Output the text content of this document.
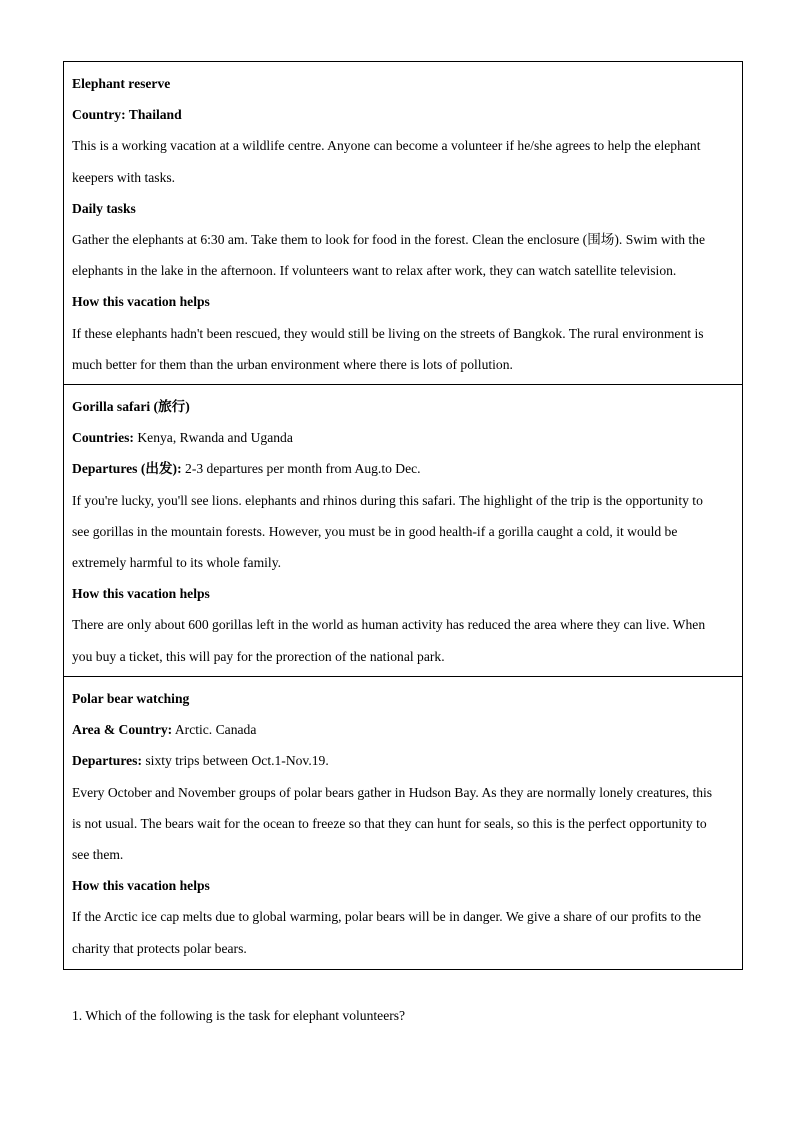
Elephant reserve

Country: Thailand

This is a working vacation at a wildlife centre. Anyone can become a volunteer if he/she agrees to help the elephant

keepers with tasks.

Daily tasks

Gather the elephants at 6:30 am. Take them to look for food in the forest. Clean the enclosure (围场). Swim with the

elephants in the lake in the afternoon. If volunteers want to relax after work, they can watch satellite television.

How this vacation helps

If these elephants hadn't been rescued, they would still be living on the streets of Bangkok. The rural environment is

much better for them than the urban environment where there is lots of pollution.

Gorilla safari (旅行)

Countries: Kenya, Rwanda and Uganda

Departures (出发): 2-3 departures per month from Aug.to Dec.

If you're lucky, you'll see lions. elephants and rhinos during this safari. The highlight of the trip is the opportunity to

see gorillas in the mountain forests. However, you must be in good health-if a gorilla caught a cold, it would be

extremely harmful to its whole family.

How this vacation helps

There are only about 600 gorillas left in the world as human activity has reduced the area where they can live. When

you buy a ticket, this will pay for the prorection of the national park.

Polar bear watching

Area & Country: Arctic. Canada

Departures: sixty trips between Oct.1-Nov.19.

Every October and November groups of polar bears gather in Hudson Bay. As they are normally lonely creatures, this

is not usual. The bears wait for the ocean to freeze so that they can hunt for seals, so this is the perfect opportunity to

see them.

How this vacation helps

If the Arctic ice cap melts due to global warming, polar bears will be in danger. We give a share of our profits to the

charity that protects polar bears.

1. Which of the following is the task for elephant volunteers?
